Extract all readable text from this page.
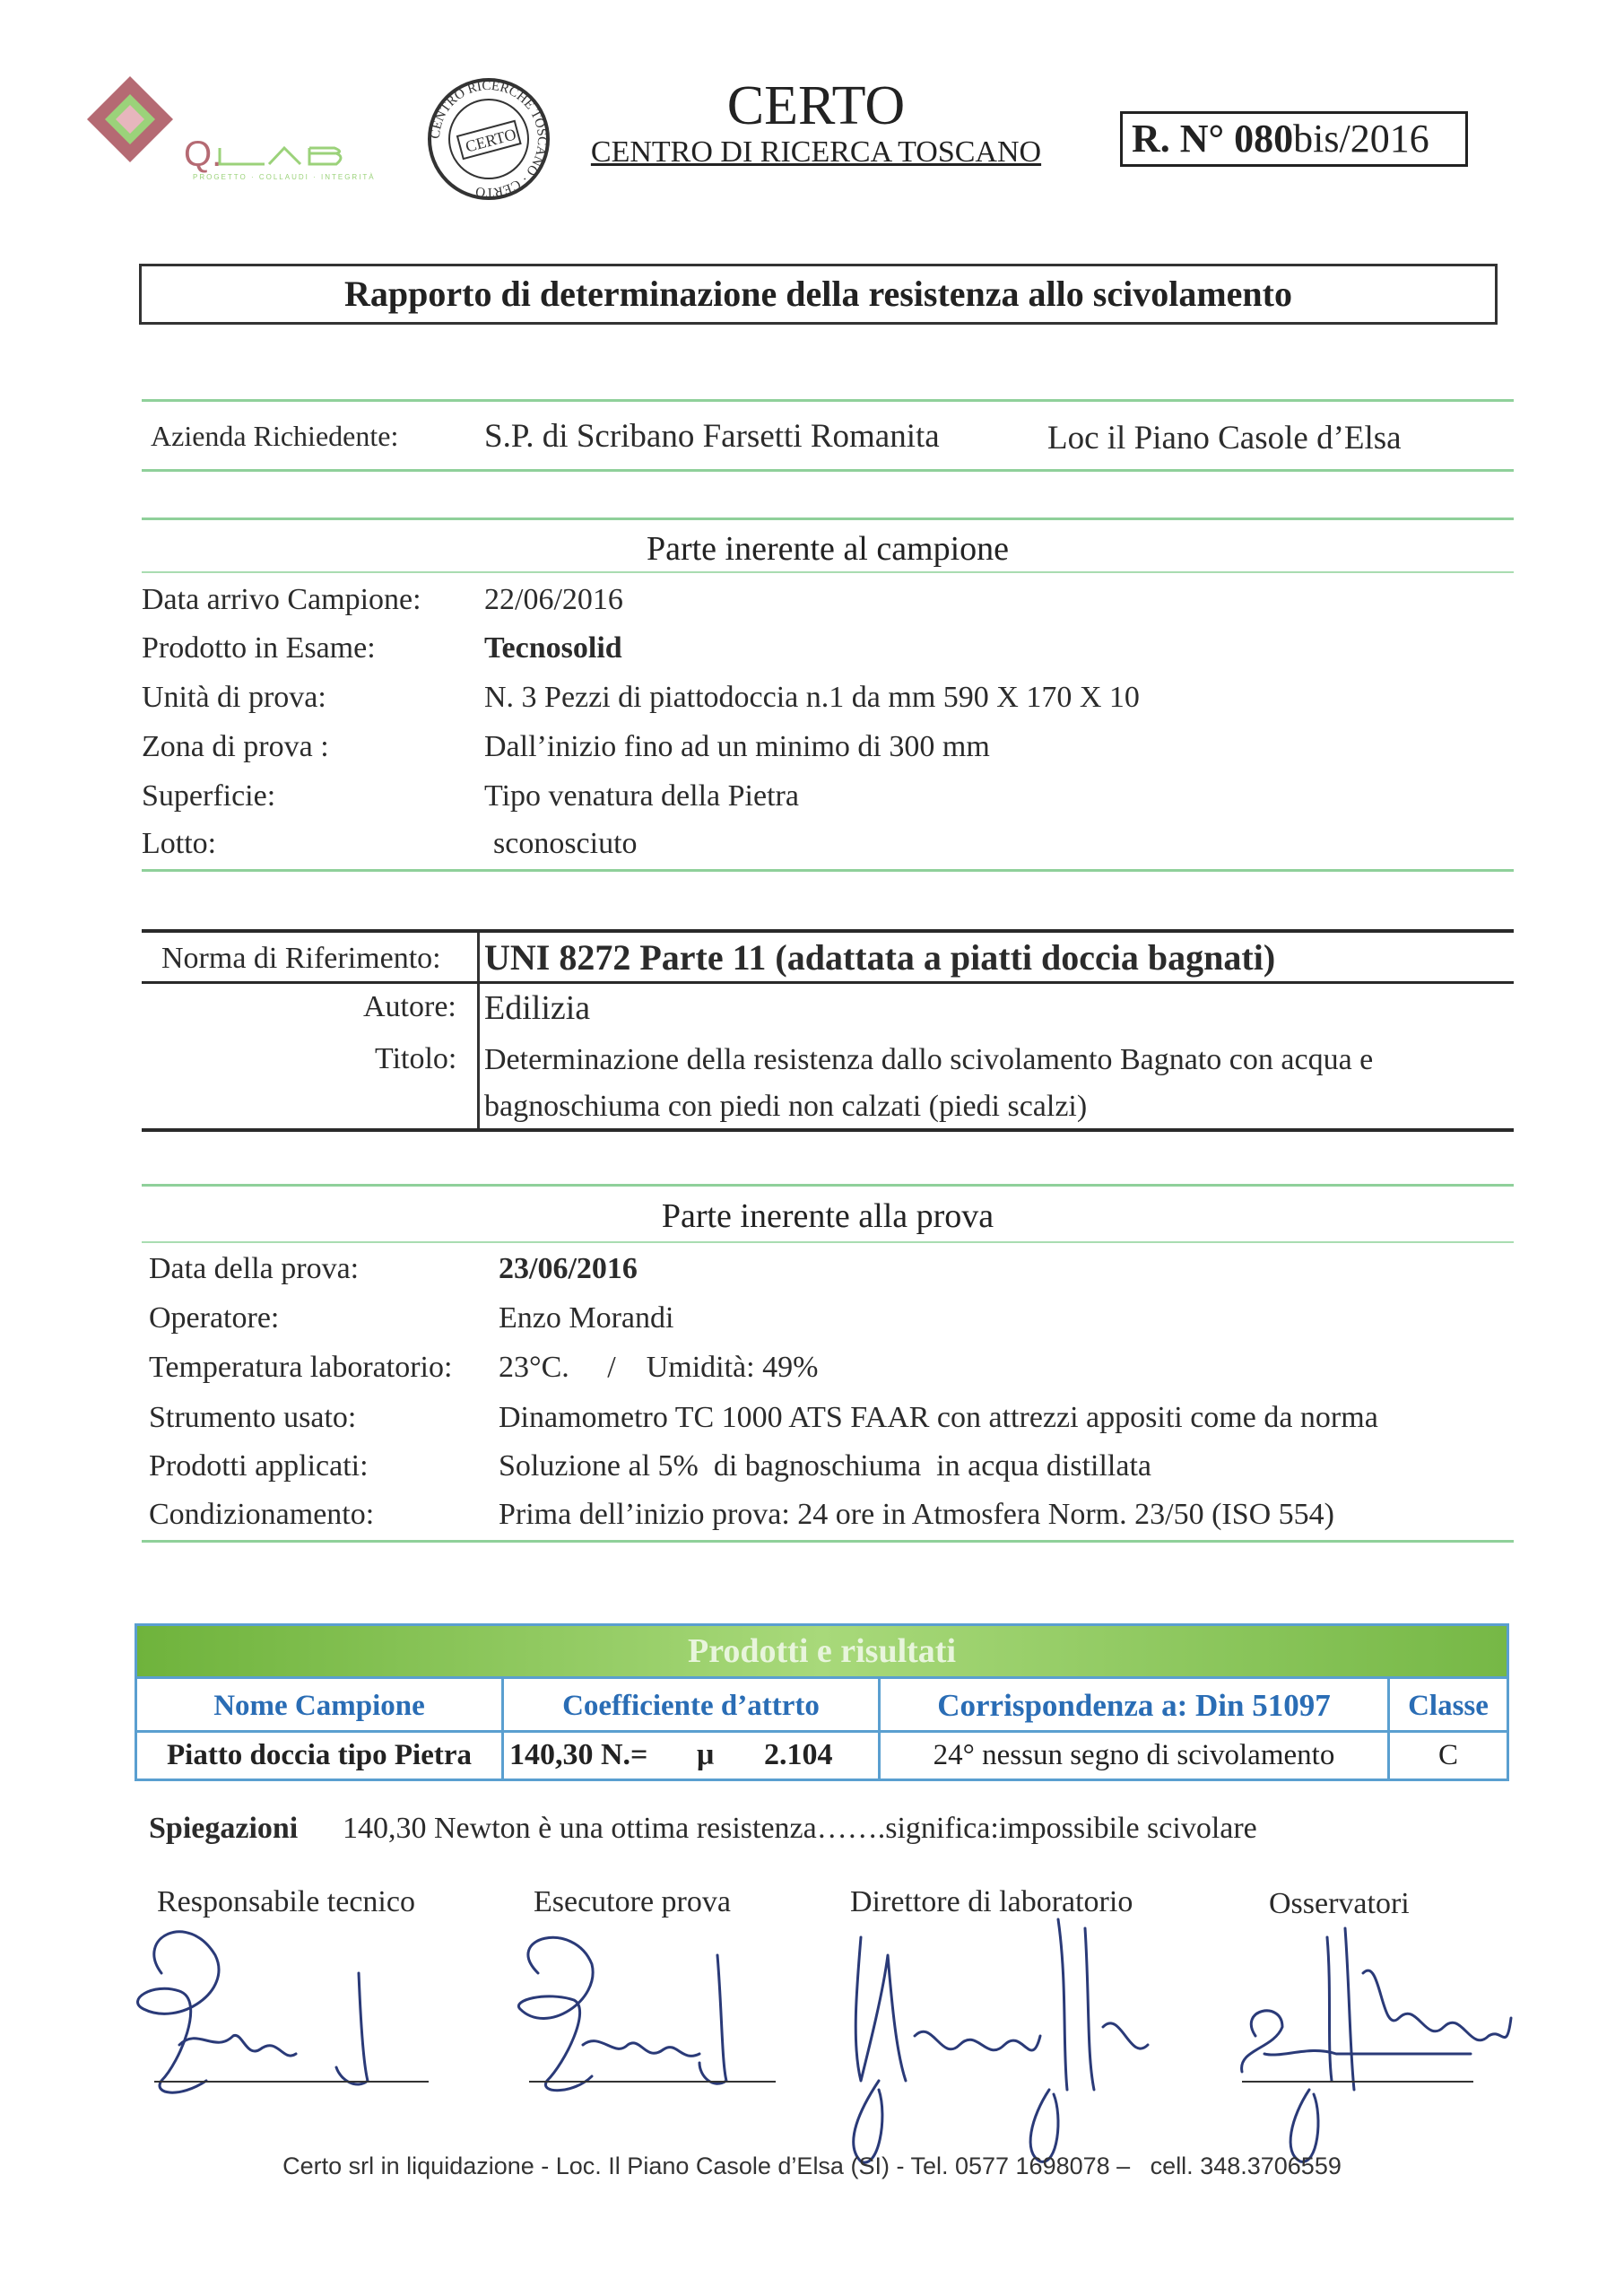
Q.
PROGETTO · COLLAUDI · INTEGRITÀ
CENTRO RICERCHE TOSCANO · CERTO
CERTO
CERTO
CENTRO DI RICERCA TOSCANO	R. N° 080bis/2016
Rapporto di determinazione della resistenza allo scivolamento
Azienda Richiedente:	S.P. di Scribano Farsetti Romanita	Loc il Piano Casole d’Elsa
Parte inerente al campione
Data arrivo Campione: 22/06/2016
Prodotto in Esame:	Tecnosolid
Unità di prova:	N. 3 Pezzi di piattodoccia n.1 da mm 590 X 170 X 10
Zona di prova :	Dall’inizio fino ad un minimo di 300 mm
Superficie:	Tipo venatura della Pietra
Lotto:	sconosciuto
Norma di Riferimento: UNI 8272 Parte 11 (adattata a piatti doccia bagnati)
Autore: Edilizia
Titolo: Determinazione della resistenza dallo scivolamento Bagnato con acqua e
bagnoschiuma con piedi non calzati (piedi scalzi)
Parte inerente alla prova
Data della prova:	23/06/2016
Operatore:	Enzo Morandi
Temperatura laboratorio: 23°C.     /    Umidità: 49%
Strumento usato:	Dinamometro TC 1000 ATS FAAR con attrezzi appositi come da norma
Prodotti applicati:	Soluzione al 5%  di bagnoschiuma  in acqua distillata
Condizionamento:	Prima dell’inizio prova: 24 ore in Atmosfera Norm. 23/50 (ISO 554)
Prodotti e risultati
Nome Campione	Coefficiente d’attrto	Corrispondenza a: Din 51097	Classe
Piatto doccia tipo Pietra	140,30 N.= μ 2.104	24° nessun segno di scivolamento	C
Spiegazioni 140,30 Newton è una ottima resistenza…….significa:impossibile scivolare
Responsabile tecnico	Esecutore prova	Direttore di laboratorio	Osservatori
Certo srl in liquidazione - Loc. Il Piano Casole d’Elsa (SI) - Tel. 0577 1698078 –   cell. 348.3706559
